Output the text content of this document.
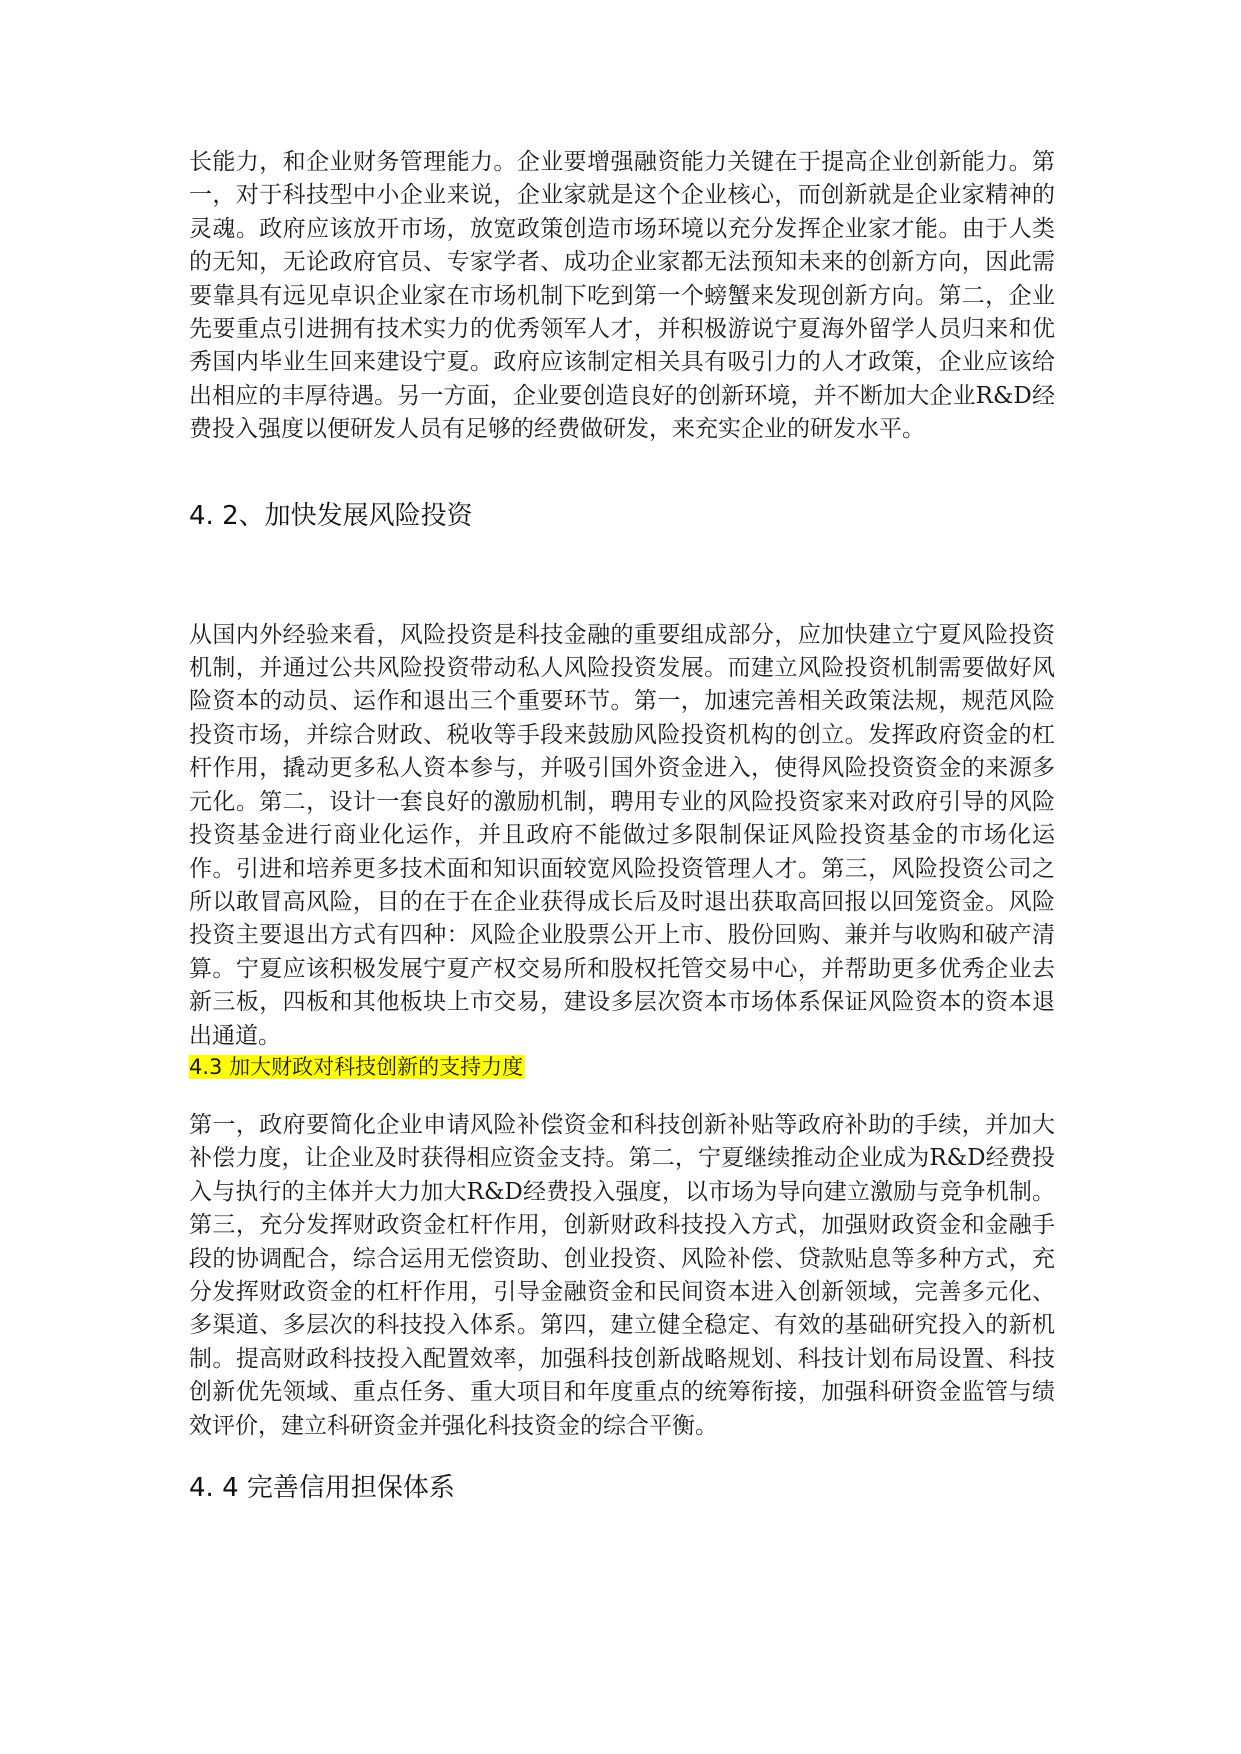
长能力，和企业财务管理能力。企业要增强融资能力关键在于提高企业创新能力。第一，对于科技型中小企业来说，企业家就是这个企业核心，而创新就是企业家精神的灵魂。政府应该放开市场，放宽政策创造市场环境以充分发挥企业家才能。由于人类的无知，无论政府官员、专家学者、成功企业家都无法预知未来的创新方向，因此需要靠具有远见卓识企业家在市场机制下吃到第一个螃蟹来发现创新方向。第二，企业先要重点引进拥有技术实力的优秀领军人才，并积极游说宁夏海外留学人员归来和优秀国内毕业生回来建设宁夏。政府应该制定相关具有吸引力的人才政策，企业应该给出相应的丰厚待遇。另一方面，企业要创造良好的创新环境，并不断加大企业R&D经费投入强度以便研发人员有足够的经费做研发，来充实企业的研发水平。

4. 2、加快发展风险投资

从国内外经验来看，风险投资是科技金融的重要组成部分，应加快建立宁夏风险投资机制，并通过公共风险投资带动私人风险投资发展。而建立风险投资机制需要做好风险资本的动员、运作和退出三个重要环节。第一，加速完善相关政策法规，规范风险投资市场，并综合财政、税收等手段来鼓励风险投资机构的创立。发挥政府资金的杠杆作用，撬动更多私人资本参与，并吸引国外资金进入，使得风险投资资金的来源多元化。第二，设计一套良好的激励机制，聘用专业的风险投资家来对政府引导的风险投资基金进行商业化运作，并且政府不能做过多限制保证风险投资基金的市场化运作。引进和培养更多技术面和知识面较宽风险投资管理人才。第三，风险投资公司之所以敢冒高风险，目的在于在企业获得成长后及时退出获取高回报以回笼资金。风险投资主要退出方式有四种：风险企业股票公开上市、股份回购、兼并与收购和破产清算。宁夏应该积极发展宁夏产权交易所和股权托管交易中心，并帮助更多优秀企业去新三板，四板和其他板块上市交易，建设多层次资本市场体系保证风险资本的资本退出通道。

4.3 加大财政对科技创新的支持力度

第一，政府要简化企业申请风险补偿资金和科技创新补贴等政府补助的手续，并加大补偿力度，让企业及时获得相应资金支持。第二，宁夏继续推动企业成为R&D经费投入与执行的主体并大力加大R&D经费投入强度，以市场为导向建立激励与竞争机制。第三，充分发挥财政资金杠杆作用，创新财政科技投入方式，加强财政资金和金融手段的协调配合，综合运用无偿资助、创业投资、风险补偿、贷款贴息等多种方式，充分发挥财政资金的杠杆作用，引导金融资金和民间资本进入创新领域，完善多元化、多渠道、多层次的科技投入体系。第四，建立健全稳定、有效的基础研究投入的新机制。提高财政科技投入配置效率，加强科技创新战略规划、科技计划布局设置、科技创新优先领域、重点任务、重大项目和年度重点的统筹衔接，加强科研资金监管与绩效评价，建立科研资金并强化科技资金的综合平衡。

4. 4 完善信用担保体系
